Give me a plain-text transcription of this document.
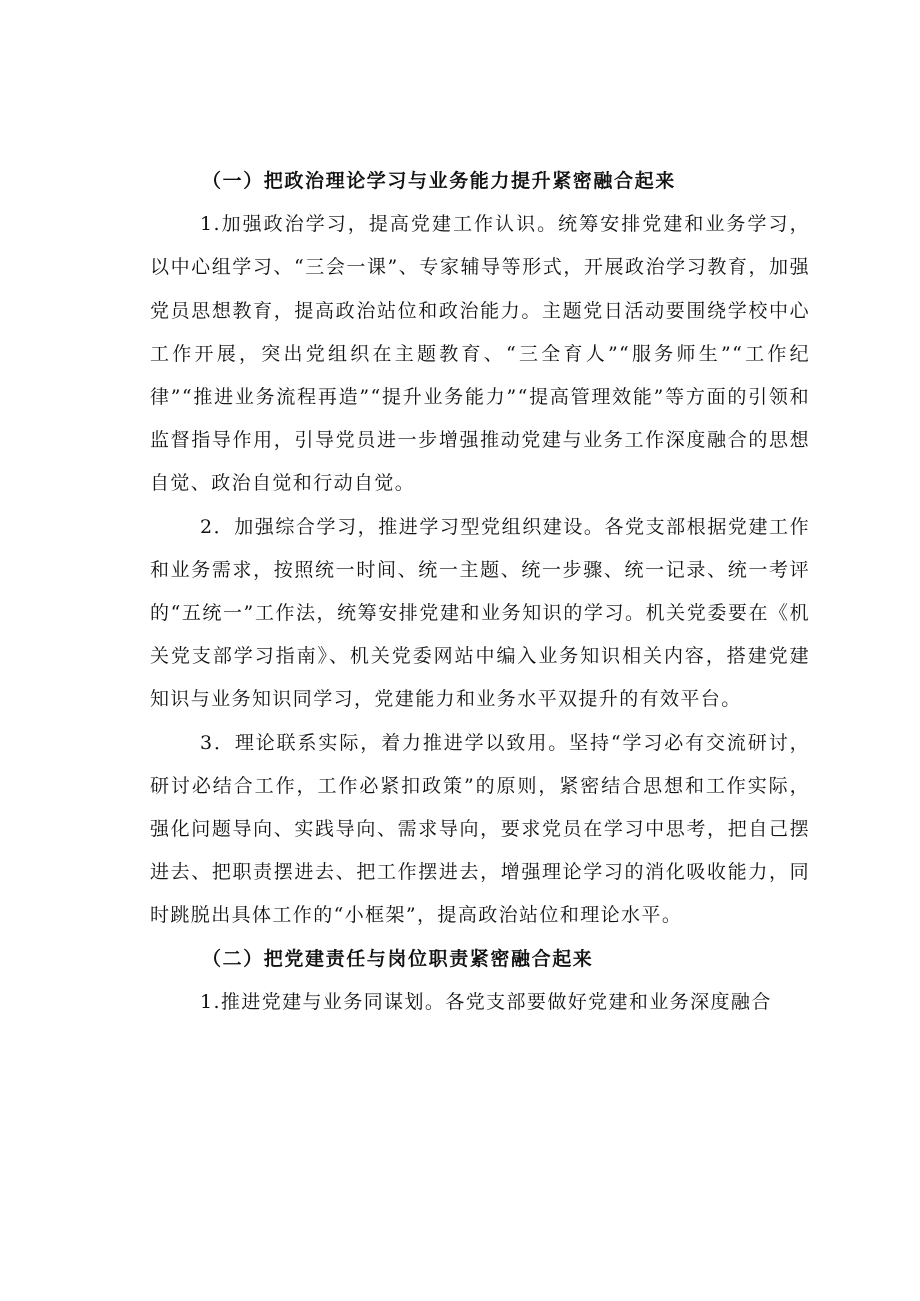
（一）把政治理论学习与业务能力提升紧密融合起来

1.加强政治学习，提高党建工作认识。统筹安排党建和业务学习，以中心组学习、“三会一课”、专家辅导等形式，开展政治学习教育，加强党员思想教育，提高政治站位和政治能力。主题党日活动要围绕学校中心工作开展，突出党组织在主题教育、“三全育人”“服务师生”“工作纪律”“推进业务流程再造”“提升业务能力”“提高管理效能”等方面的引领和监督指导作用，引导党员进一步增强推动党建与业务工作深度融合的思想自觉、政治自觉和行动自觉。

2．加强综合学习，推进学习型党组织建设。各党支部根据党建工作和业务需求，按照统一时间、统一主题、统一步骤、统一记录、统一考评的“五统一”工作法，统筹安排党建和业务知识的学习。机关党委要在《机关党支部学习指南》、机关党委网站中编入业务知识相关内容，搭建党建知识与业务知识同学习，党建能力和业务水平双提升的有效平台。

3．理论联系实际，着力推进学以致用。坚持“学习必有交流研讨，研讨必结合工作，工作必紧扣政策”的原则，紧密结合思想和工作实际，强化问题导向、实践导向、需求导向，要求党员在学习中思考，把自己摆进去、把职责摆进去、把工作摆进去，增强理论学习的消化吸收能力，同时跳脱出具体工作的“小框架”，提高政治站位和理论水平。

（二）把党建责任与岗位职责紧密融合起来

1.推进党建与业务同谋划。各党支部要做好党建和业务深度融合
